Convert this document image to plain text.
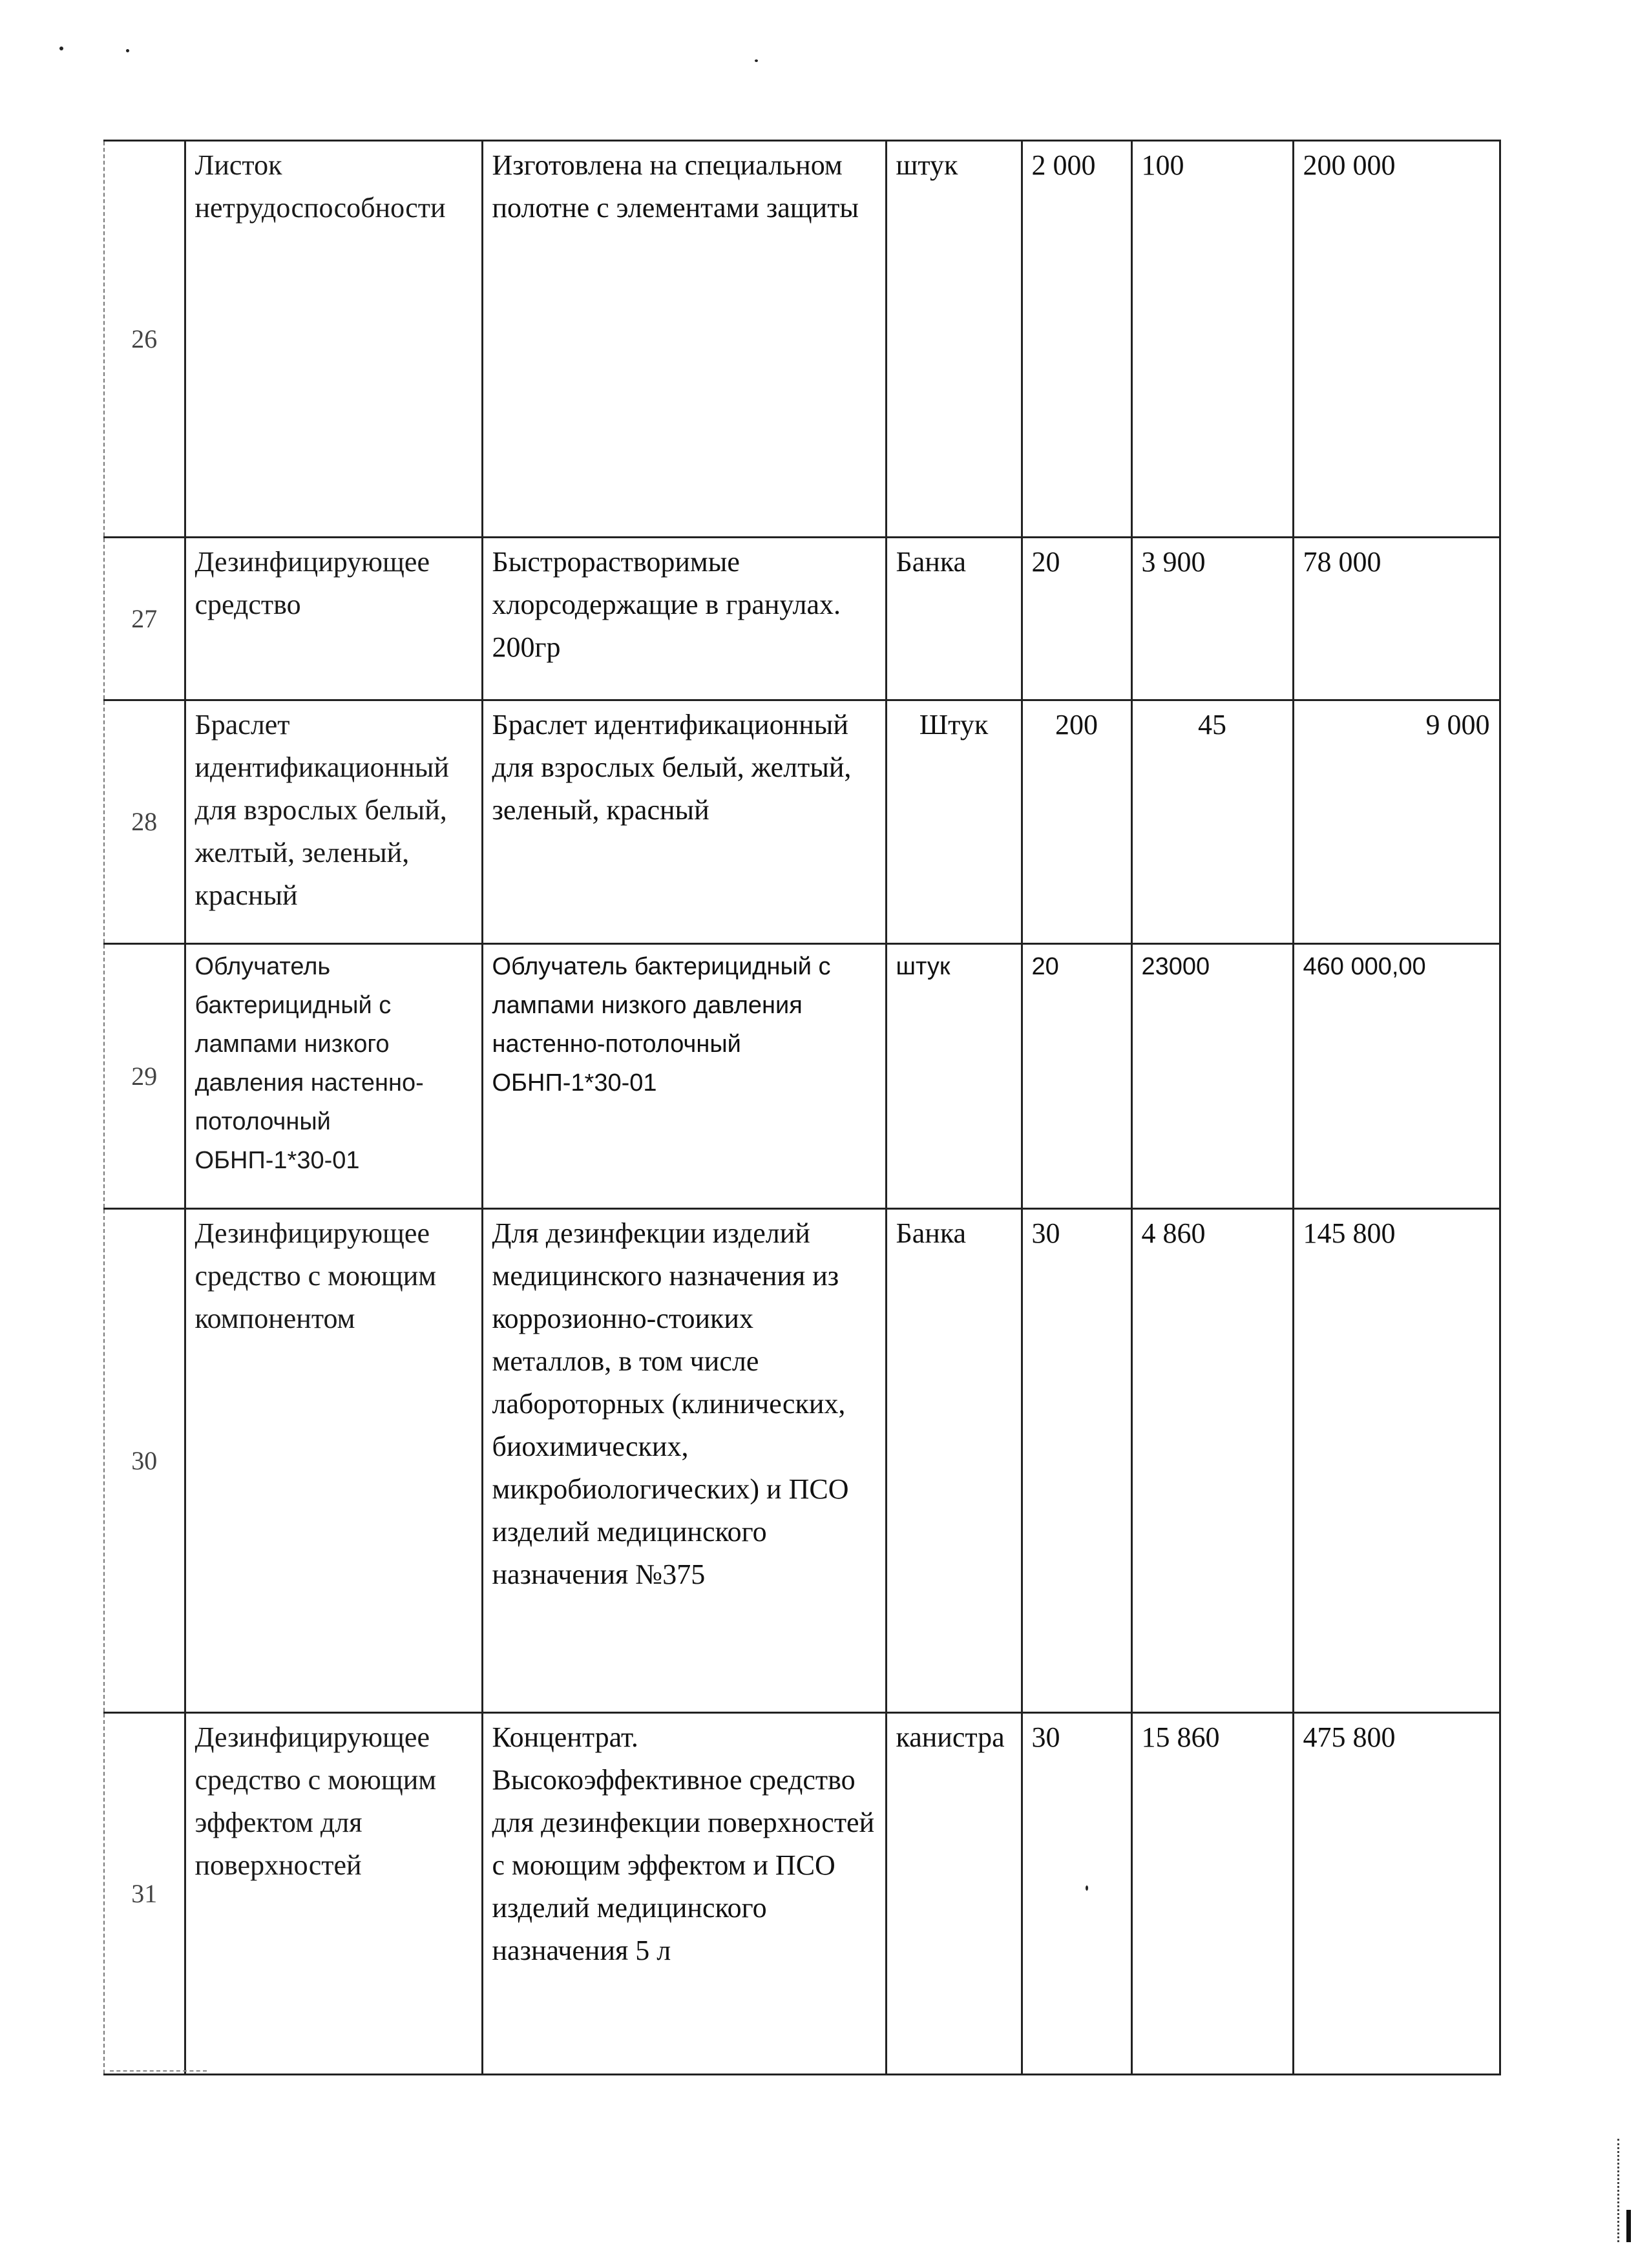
26	Листок нетрудоспособности	Изготовлена на специальном полотне с элементами защиты	штук	2 000	100	200 000
27	Дезинфицирующее средство	Быстрорастворимые хлорсодержащие в гранулах. 200гр	Банка	20	3 900	78 000
28	Браслет идентификационный для взрослых белый, желтый, зеленый, красный	Браслет идентификационный для взрослых белый, желтый, зеленый, красный	Штук	200	45	9 000
29	Облучатель бактерицидный с лампами низкого давления настенно-потолочный ОБНП-1*30-01	Облучатель бактерицидный с лампами низкого давления настенно-потолочный ОБНП-1*30-01	штук	20	23000	460 000,00
30	Дезинфицирующее средство с моющим компонентом	Для дезинфекции изделий медицинского назначения из коррозионно-стоиких металлов, в том числе лабороторных (клинических, биохимических, микробиологических) и ПСО изделий медицинского назначения №375	Банка	30	4 860	145 800
31	Дезинфицирующее средство с моющим эффектом для поверхностей	Концентрат. Высокоэффективное средство для дезинфекции поверхностей с моющим эффектом и ПСО изделий медицинского назначения 5 л	канистра	30	15 860	475 800
